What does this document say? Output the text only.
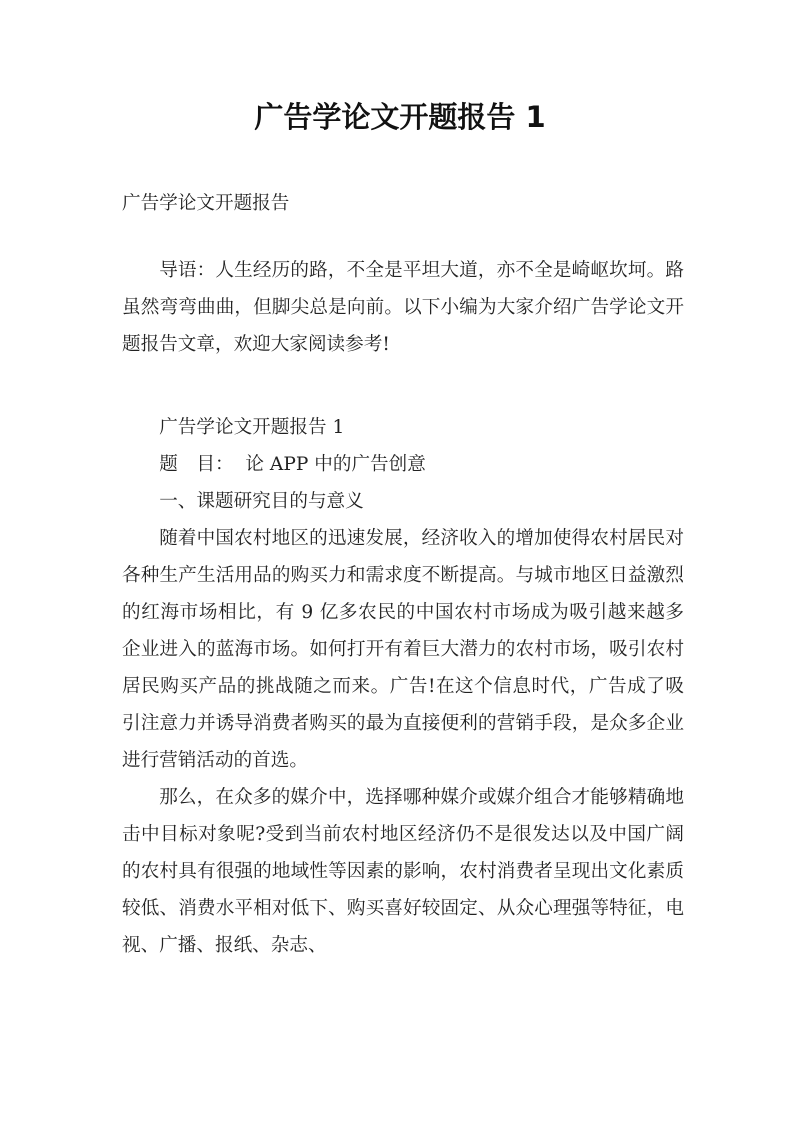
广告学论文开题报告 1

广告学论文开题报告

导语：人生经历的路，不全是平坦大道，亦不全是崎岖坎坷。路虽然弯弯曲曲，但脚尖总是向前。以下小编为大家介绍广告学论文开题报告文章，欢迎大家阅读参考!

广告学论文开题报告 1

题　目： 论 APP 中的广告创意

一、课题研究目的与意义

随着中国农村地区的迅速发展，经济收入的增加使得农村居民对各种生产生活用品的购买力和需求度不断提高。与城市地区日益激烈的红海市场相比，有 9 亿多农民的中国农村市场成为吸引越来越多企业进入的蓝海市场。如何打开有着巨大潜力的农村市场，吸引农村居民购买产品的挑战随之而来。广告!在这个信息时代，广告成了吸引注意力并诱导消费者购买的最为直接便利的营销手段，是众多企业进行营销活动的首选。

那么，在众多的媒介中，选择哪种媒介或媒介组合才能够精确地击中目标对象呢?受到当前农村地区经济仍不是很发达以及中国广阔的农村具有很强的地域性等因素的影响，农村消费者呈现出文化素质较低、消费水平相对低下、购买喜好较固定、从众心理强等特征，电视、广播、报纸、杂志、
